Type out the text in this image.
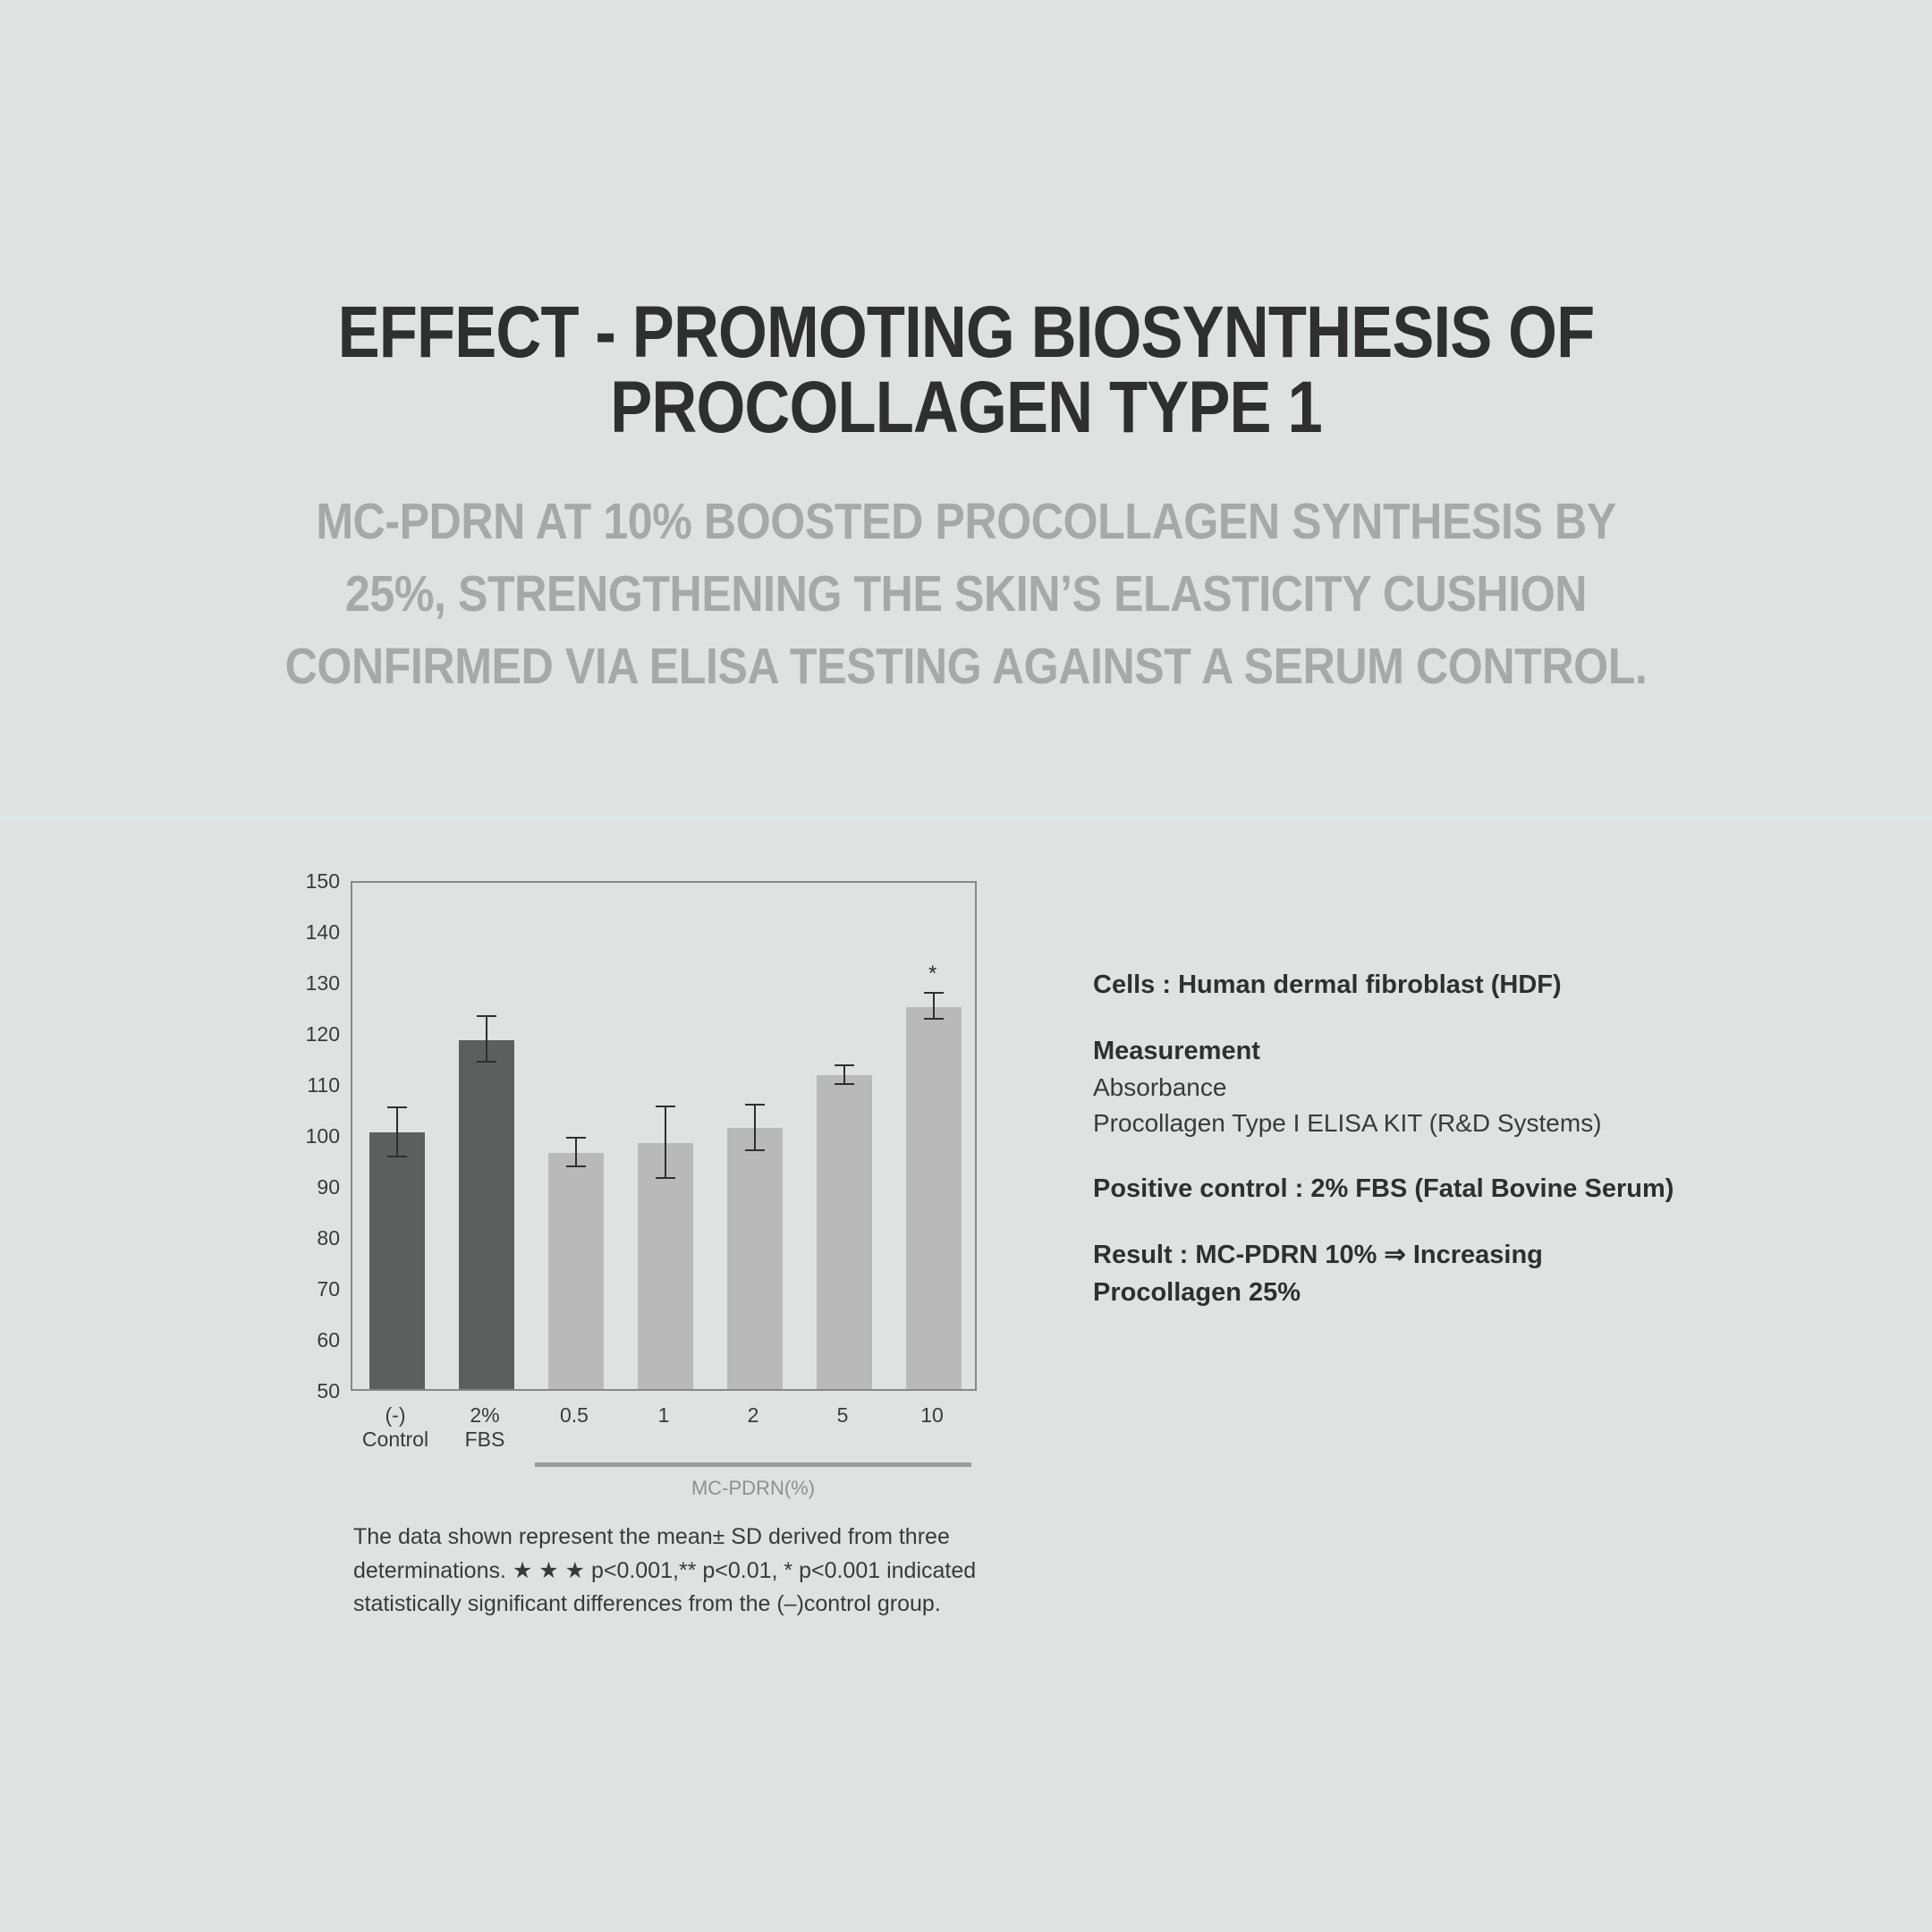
EFFECT - PROMOTING BIOSYNTHESIS OF
PROCOLLAGEN TYPE 1
MC-PDRN AT 10% BOOSTED PROCOLLAGEN SYNTHESIS BY
25%, STRENGTHENING THE SKIN’S ELASTICITY CUSHION
CONFIRMED VIA ELISA TESTING AGAINST A SERUM CONTROL.
*
150
140
130
120
110
100
90
80
70
60
50
(-)
Control
2%
FBS
0.5	1	2	5	10
MC-PDRN(%)
The data shown represent the mean± SD derived from three determinations. ★ ★ ★ p<0.001,** p<0.01, * p<0.001 indicated statistically significant differences from the (–)control group.
Cells : Human dermal fibroblast (HDF)
Measurement
Absorbance
Procollagen Type I ELISA KIT (R&D Systems)
Positive control : 2% FBS (Fatal Bovine Serum)
Result : MC-PDRN 10% ⇒ Increasing
Procollagen 25%
